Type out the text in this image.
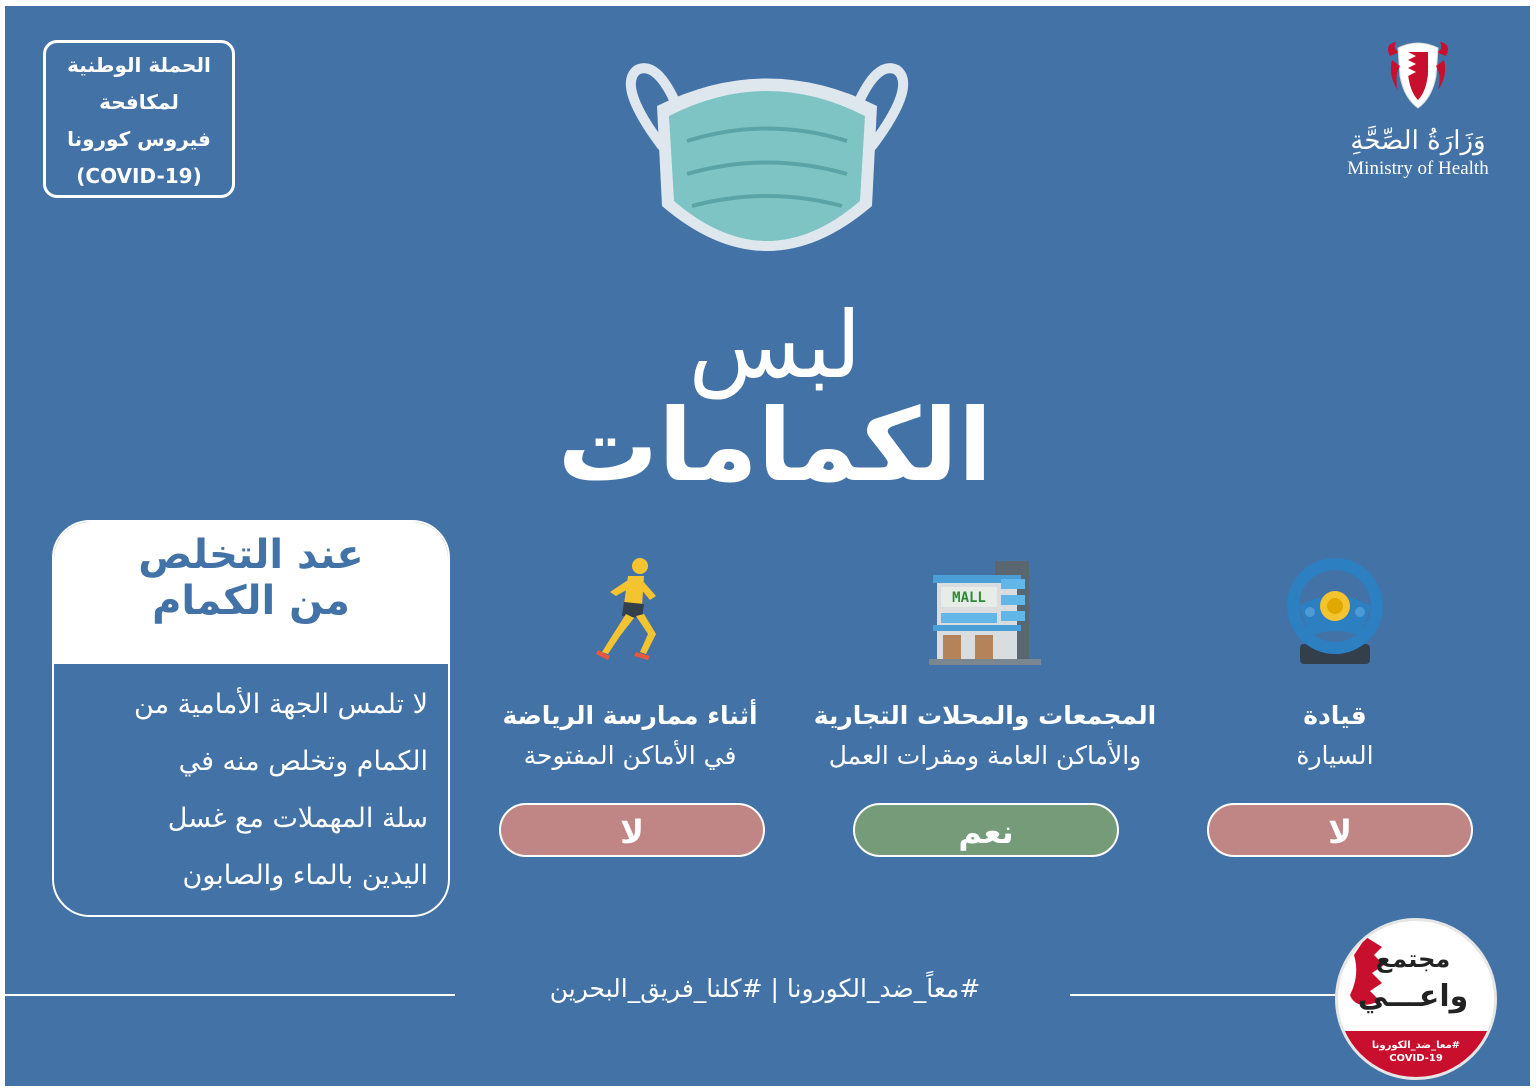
الحملة الوطنية
لمكافحة
فيروس كورونا
(COVID-19)
وَزَارَةُ الصِّحَّةِ
Ministry of Health
لبس
الكمامات
عند التخلص
من الكمام
لا تلمس الجهة الأمامية من
الكمام وتخلص منه في
سلة المهملات مع غسل
اليدين بالماء والصابون
قيادة
السيارة
MALL
المجمعات والمحلات التجارية
والأماكن العامة ومقرات العمل
أثناء ممارسة الرياضة
في الأماكن المفتوحة
لا
نعم
لا
#معاً_ضد_الكورونا | #كلنا_فريق_البحرين
مجتمع
واعـــي
#معا_ضد_الكورونا
COVID-19
